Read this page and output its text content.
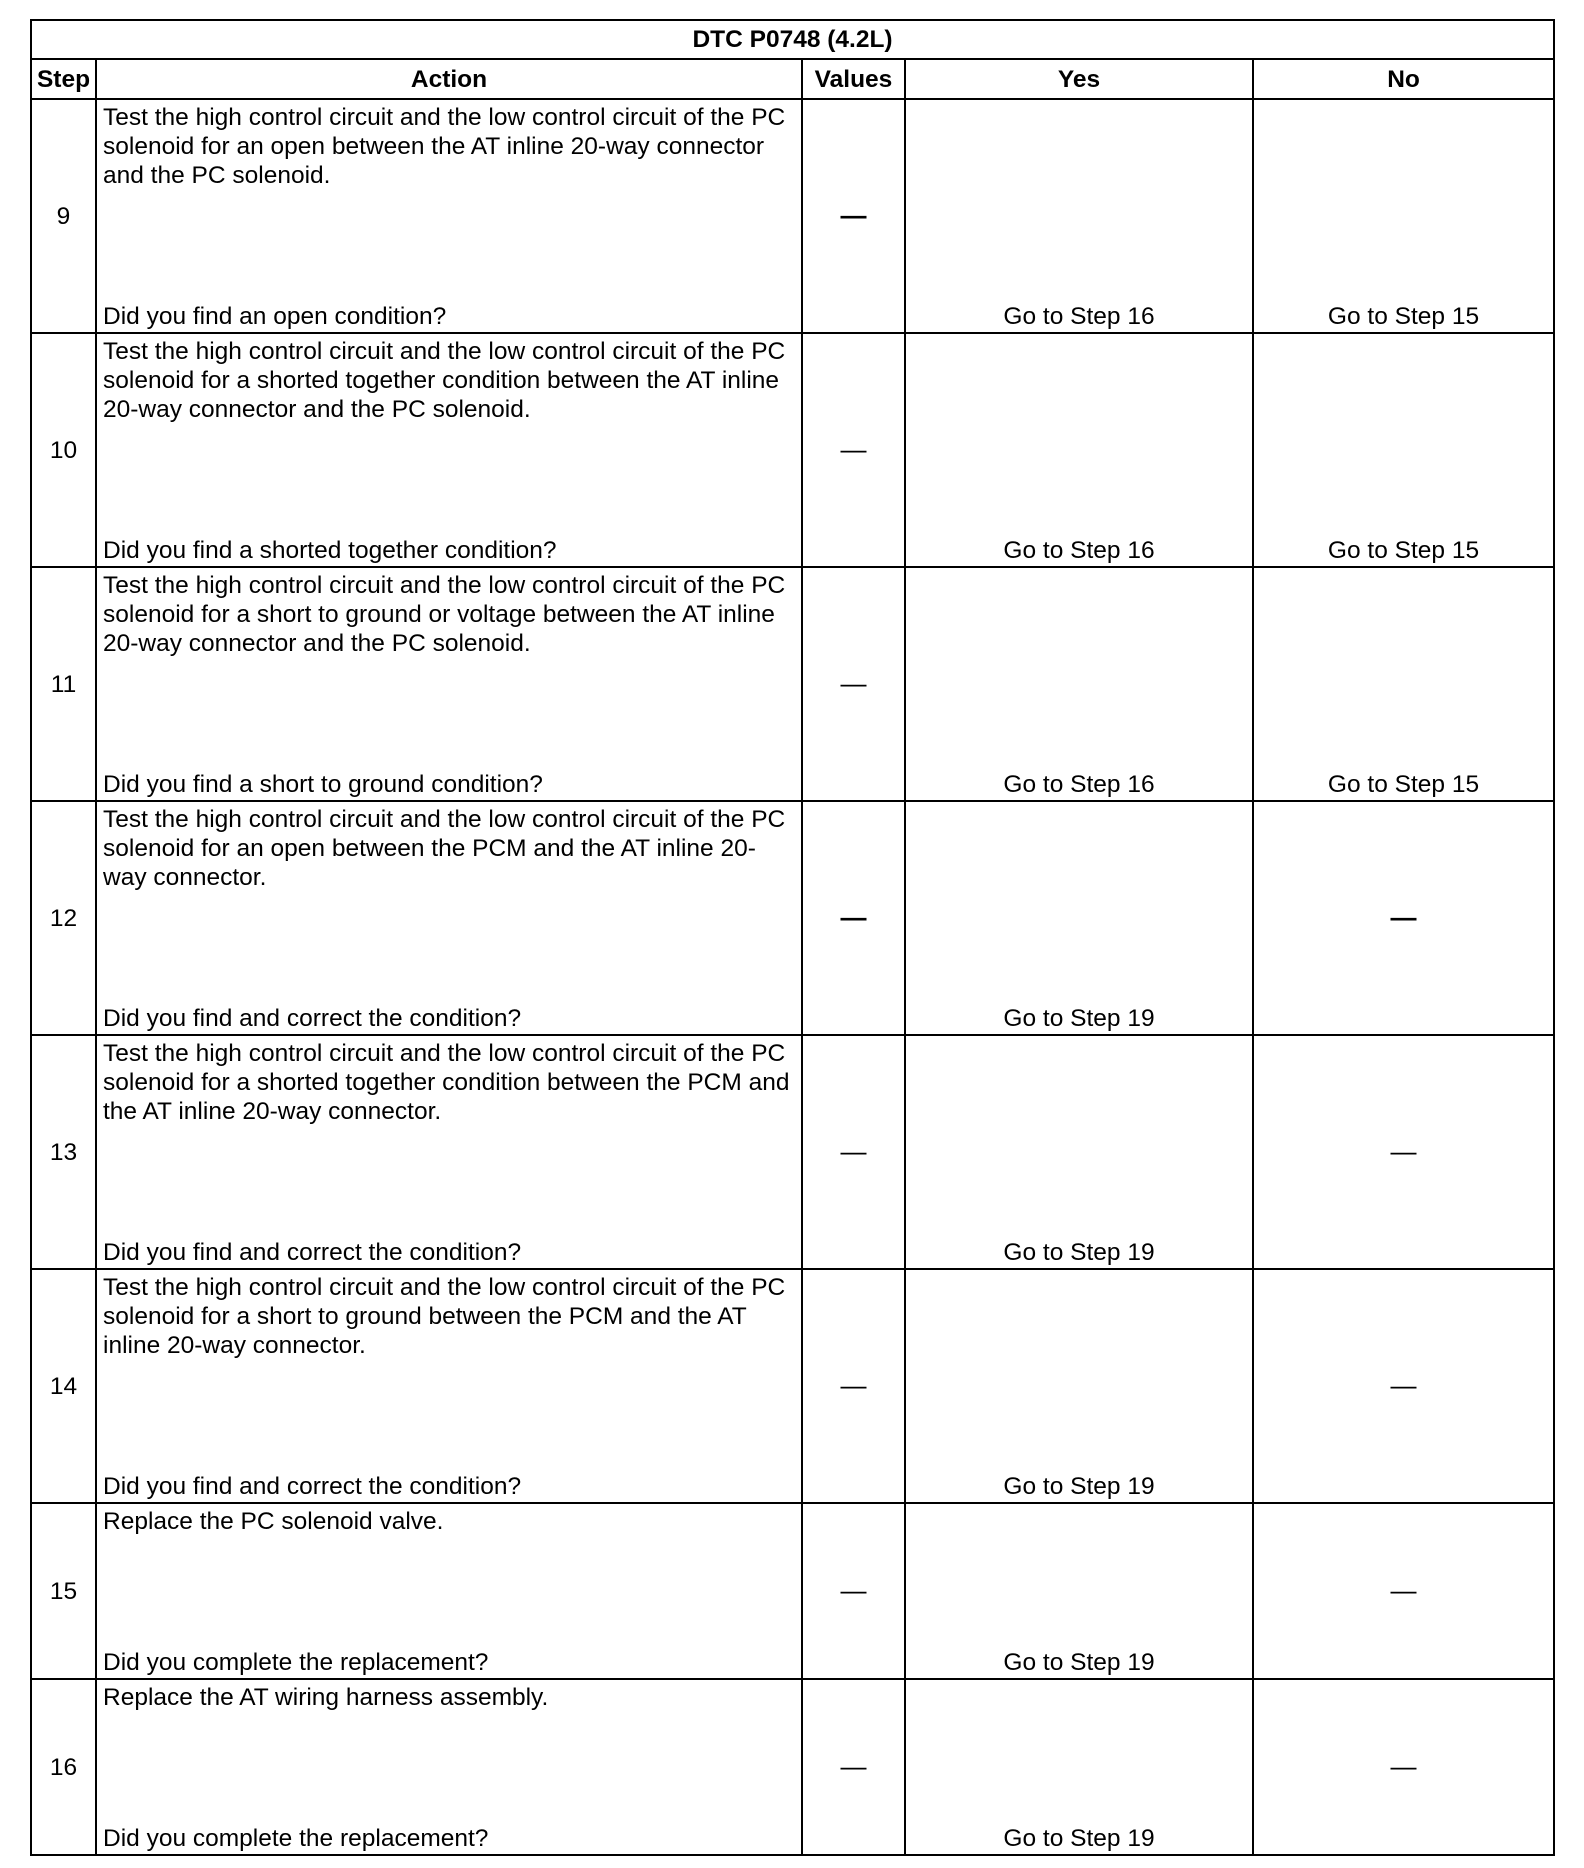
DTC P0748 (4.2L)				
Step	Action	Values	Yes	No
9	Test the high control circuit and the low control circuit of the PC solenoid for an open between the AT inline 20-way connector and the PC solenoid.
Did you find an open condition?	—	Go to Step 16	Go to Step 15

10	Test the high control circuit and the low control circuit of the PC solenoid for a shorted together condition between the AT inline 20-way connector and the PC solenoid.
Did you find a shorted together condition?	—	Go to Step 16	Go to Step 15

11	Test the high control circuit and the low control circuit of the PC solenoid for a short to ground or voltage between the AT inline 20-way connector and the PC solenoid.
Did you find a short to ground condition?	—	Go to Step 16	Go to Step 15

12	Test the high control circuit and the low control circuit of the PC solenoid for an open between the PCM and the AT inline 20-way connector.
Did you find and correct the condition?	—	Go to Step 19	—
13	Test the high control circuit and the low control circuit of the PC solenoid for a shorted together condition between the PCM and the AT inline 20-way connector.
Did you find and correct the condition?	—	Go to Step 19	—
14	Test the high control circuit and the low control circuit of the PC solenoid for a short to ground between the PCM and the AT inline 20-way connector.
Did you find and correct the condition?	—	Go to Step 19	—
15	Replace the PC solenoid valve.
Did you complete the replacement?	—	Go to Step 19	—
16	Replace the AT wiring harness assembly.
Did you complete the replacement?	—	Go to Step 19	—
